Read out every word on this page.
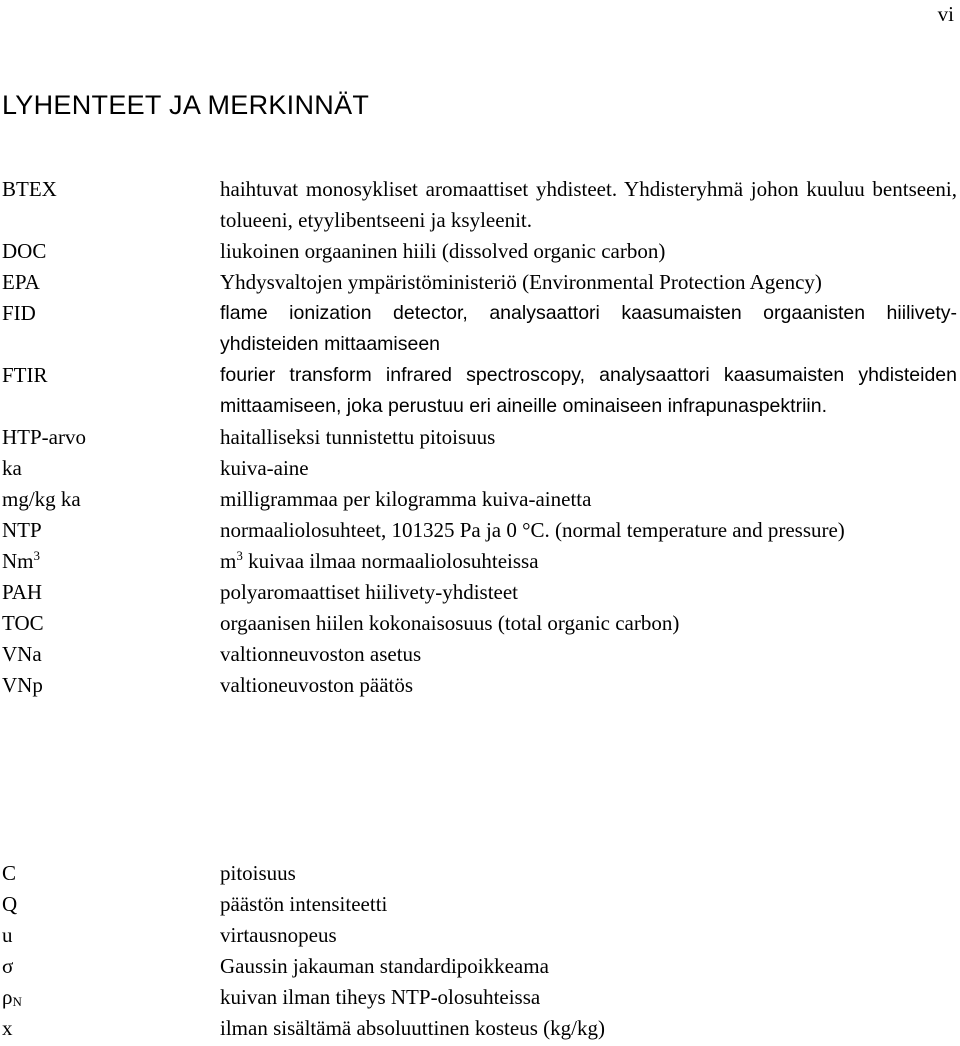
vi
LYHENTEET JA MERKINNÄT
BTEX	haihtuvat monosykliset aromaattiset yhdisteet. Yhdisteryhmä johon kuuluu bentseeni, tolueeni, etyylibentseeni ja ksyleenit.
DOC	liukoinen orgaaninen hiili (dissolved organic carbon)
EPA	Yhdysvaltojen ympäristöministeriö (Environmental Protection Agency)
FID	flame ionization detector, analysaattori kaasumaisten orgaanisten hiilivety-yhdisteiden mittaamiseen
FTIR	fourier transform infrared spectroscopy, analysaattori kaasumaisten yhdisteiden mittaamiseen, joka perustuu eri aineille ominaiseen infrapunaspektriin.
HTP-arvo	haitalliseksi tunnistettu pitoisuus
ka	kuiva-aine
mg/kg ka	milligrammaa per kilogramma kuiva-ainetta
NTP	normaaliolosuhteet, 101325 Pa ja 0 °C. (normal temperature and pressure)
Nm$^3$	$m^3$ kuivaa ilmaa normaaliolosuhteissa
PAH	polyaromaattiset hiilivety-yhdisteet
TOC	orgaanisen hiilen kokonaisosuus (total organic carbon)
VNa	valtionneuvoston asetus
VNp	valtioneuvoston päätös
C	pitoisuus
Q	päästön intensiteetti
u	virtausnopeus
σ	Gaussin jakauman standardipoikkeama
$\rho_N$	kuivan ilman tiheys NTP-olosuhteissa
x	ilman sisältämä absoluuttinen kosteus (kg/kg)
